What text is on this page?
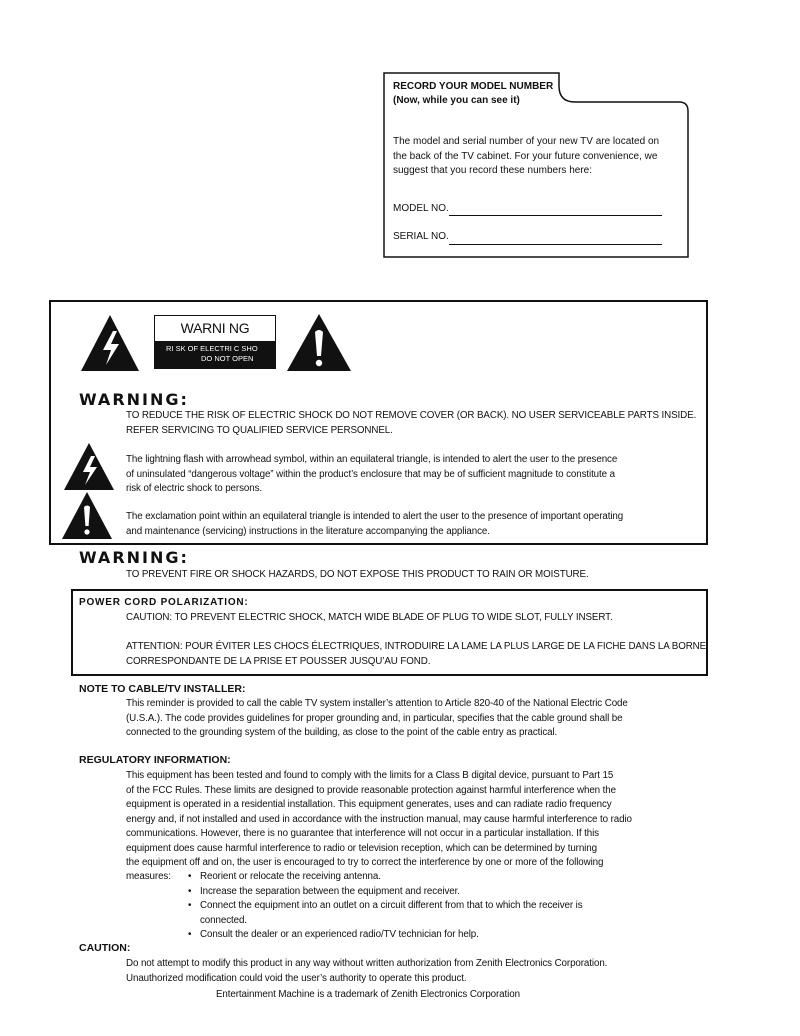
RECORD YOUR MODEL NUMBER
(Now, while you can see it)
The model and serial number of your new TV are located on the back of the TV cabinet. For your future convenience, we suggest that you record these numbers here:
MODEL NO.
SERIAL NO.
WARNI NG
RI SK OF ELECTRI C SHO
DO NOT OPEN
WARNING:
TO REDUCE THE RISK OF ELECTRIC SHOCK DO NOT REMOVE COVER (OR BACK). NO USER SERVICEABLE PARTS INSIDE.
REFER SERVICING TO QUALIFIED SERVICE PERSONNEL.
The lightning flash with arrowhead symbol, within an equilateral triangle, is intended to alert the user to the presence
of uninsulated “dangerous voltage” within the product’s enclosure that may be of sufficient magnitude to constitute a
risk of electric shock to persons.
The exclamation point within an equilateral triangle is intended to alert the user to the presence of important operating
and maintenance (servicing) instructions in the literature accompanying the appliance.
WARNING:
TO PREVENT FIRE OR SHOCK HAZARDS, DO NOT EXPOSE THIS PRODUCT TO RAIN OR MOISTURE.
POWER CORD POLARIZATION:
CAUTION: TO PREVENT ELECTRIC SHOCK, MATCH WIDE BLADE OF PLUG TO WIDE SLOT, FULLY INSERT.
ATTENTION: POUR ÉVITER LES CHOCS ÉLECTRIQUES, INTRODUIRE LA LAME LA PLUS LARGE DE LA FICHE DANS LA BORNE
CORRESPONDANTE DE LA PRISE ET POUSSER JUSQU’AU FOND.
NOTE TO CABLE/TV INSTALLER:
This reminder is provided to call the cable TV system installer’s attention to Article 820-40 of the National Electric Code
(U.S.A.). The code provides guidelines for proper grounding and, in particular, specifies that the cable ground shall be
connected to the grounding system of the building, as close to the point of the cable entry as practical.
REGULATORY INFORMATION:
This equipment has been tested and found to comply with the limits for a Class B digital device, pursuant to Part 15
of the FCC Rules. These limits are designed to provide reasonable protection against harmful interference when the
equipment is operated in a residential installation. This equipment generates, uses and can radiate radio frequency
energy and, if not installed and used in accordance with the instruction manual, may cause harmful interference to radio
communications. However, there is no guarantee that interference will not occur in a particular installation. If this
equipment does cause harmful interference to radio or television reception, which can be determined by turning
the equipment off and on, the user is encouraged to try to correct the interference by one or more of the following
measures:
•	Reorient or relocate the receiving antenna.
• Increase the separation between the equipment and receiver.
• Connect the equipment into an outlet on a circuit different from that to which the receiver is connected.
• Consult the dealer or an experienced radio/TV technician for help.
CAUTION:
Do not attempt to modify this product in any way without written authorization from Zenith Electronics Corporation.
Unauthorized modification could void the user’s authority to operate this product.
Entertainment Machine is a trademark of Zenith Electronics Corporation
